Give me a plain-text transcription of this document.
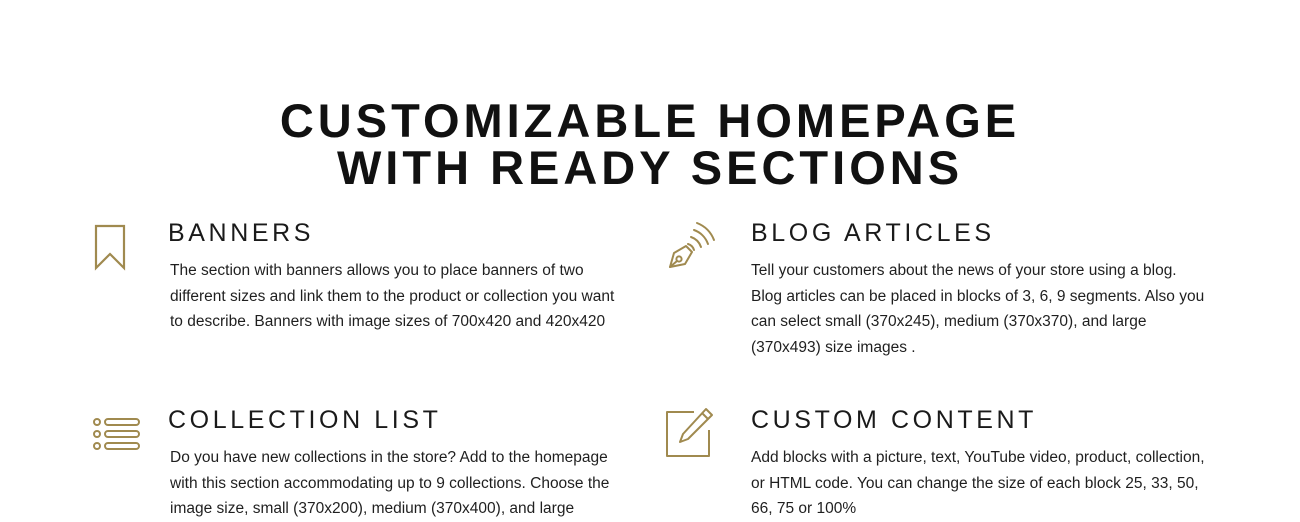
CUSTOMIZABLE HOMEPAGE
WITH READY SECTIONS
BANNERS

The section with banners allows you to place banners of two different sizes and link them to the product or collection you want to describe. Banners with image sizes of 700x420 and 420x420

BLOG ARTICLES

Tell your customers about the news of your store using a blog. Blog articles can be placed in blocks of 3, 6, 9 segments. Also you can select small (370x245), medium (370x370), and large (370x493) size images .

COLLECTION LIST

Do you have new collections in the store? Add to the homepage with this section accommodating up to 9 collections. Choose the image size, small (370x200), medium (370x400), and large

CUSTOM CONTENT

Add blocks with a picture, text, YouTube video, product, collection, or HTML code. You can change the size of each block 25, 33, 50, 66, 75 or 100%
